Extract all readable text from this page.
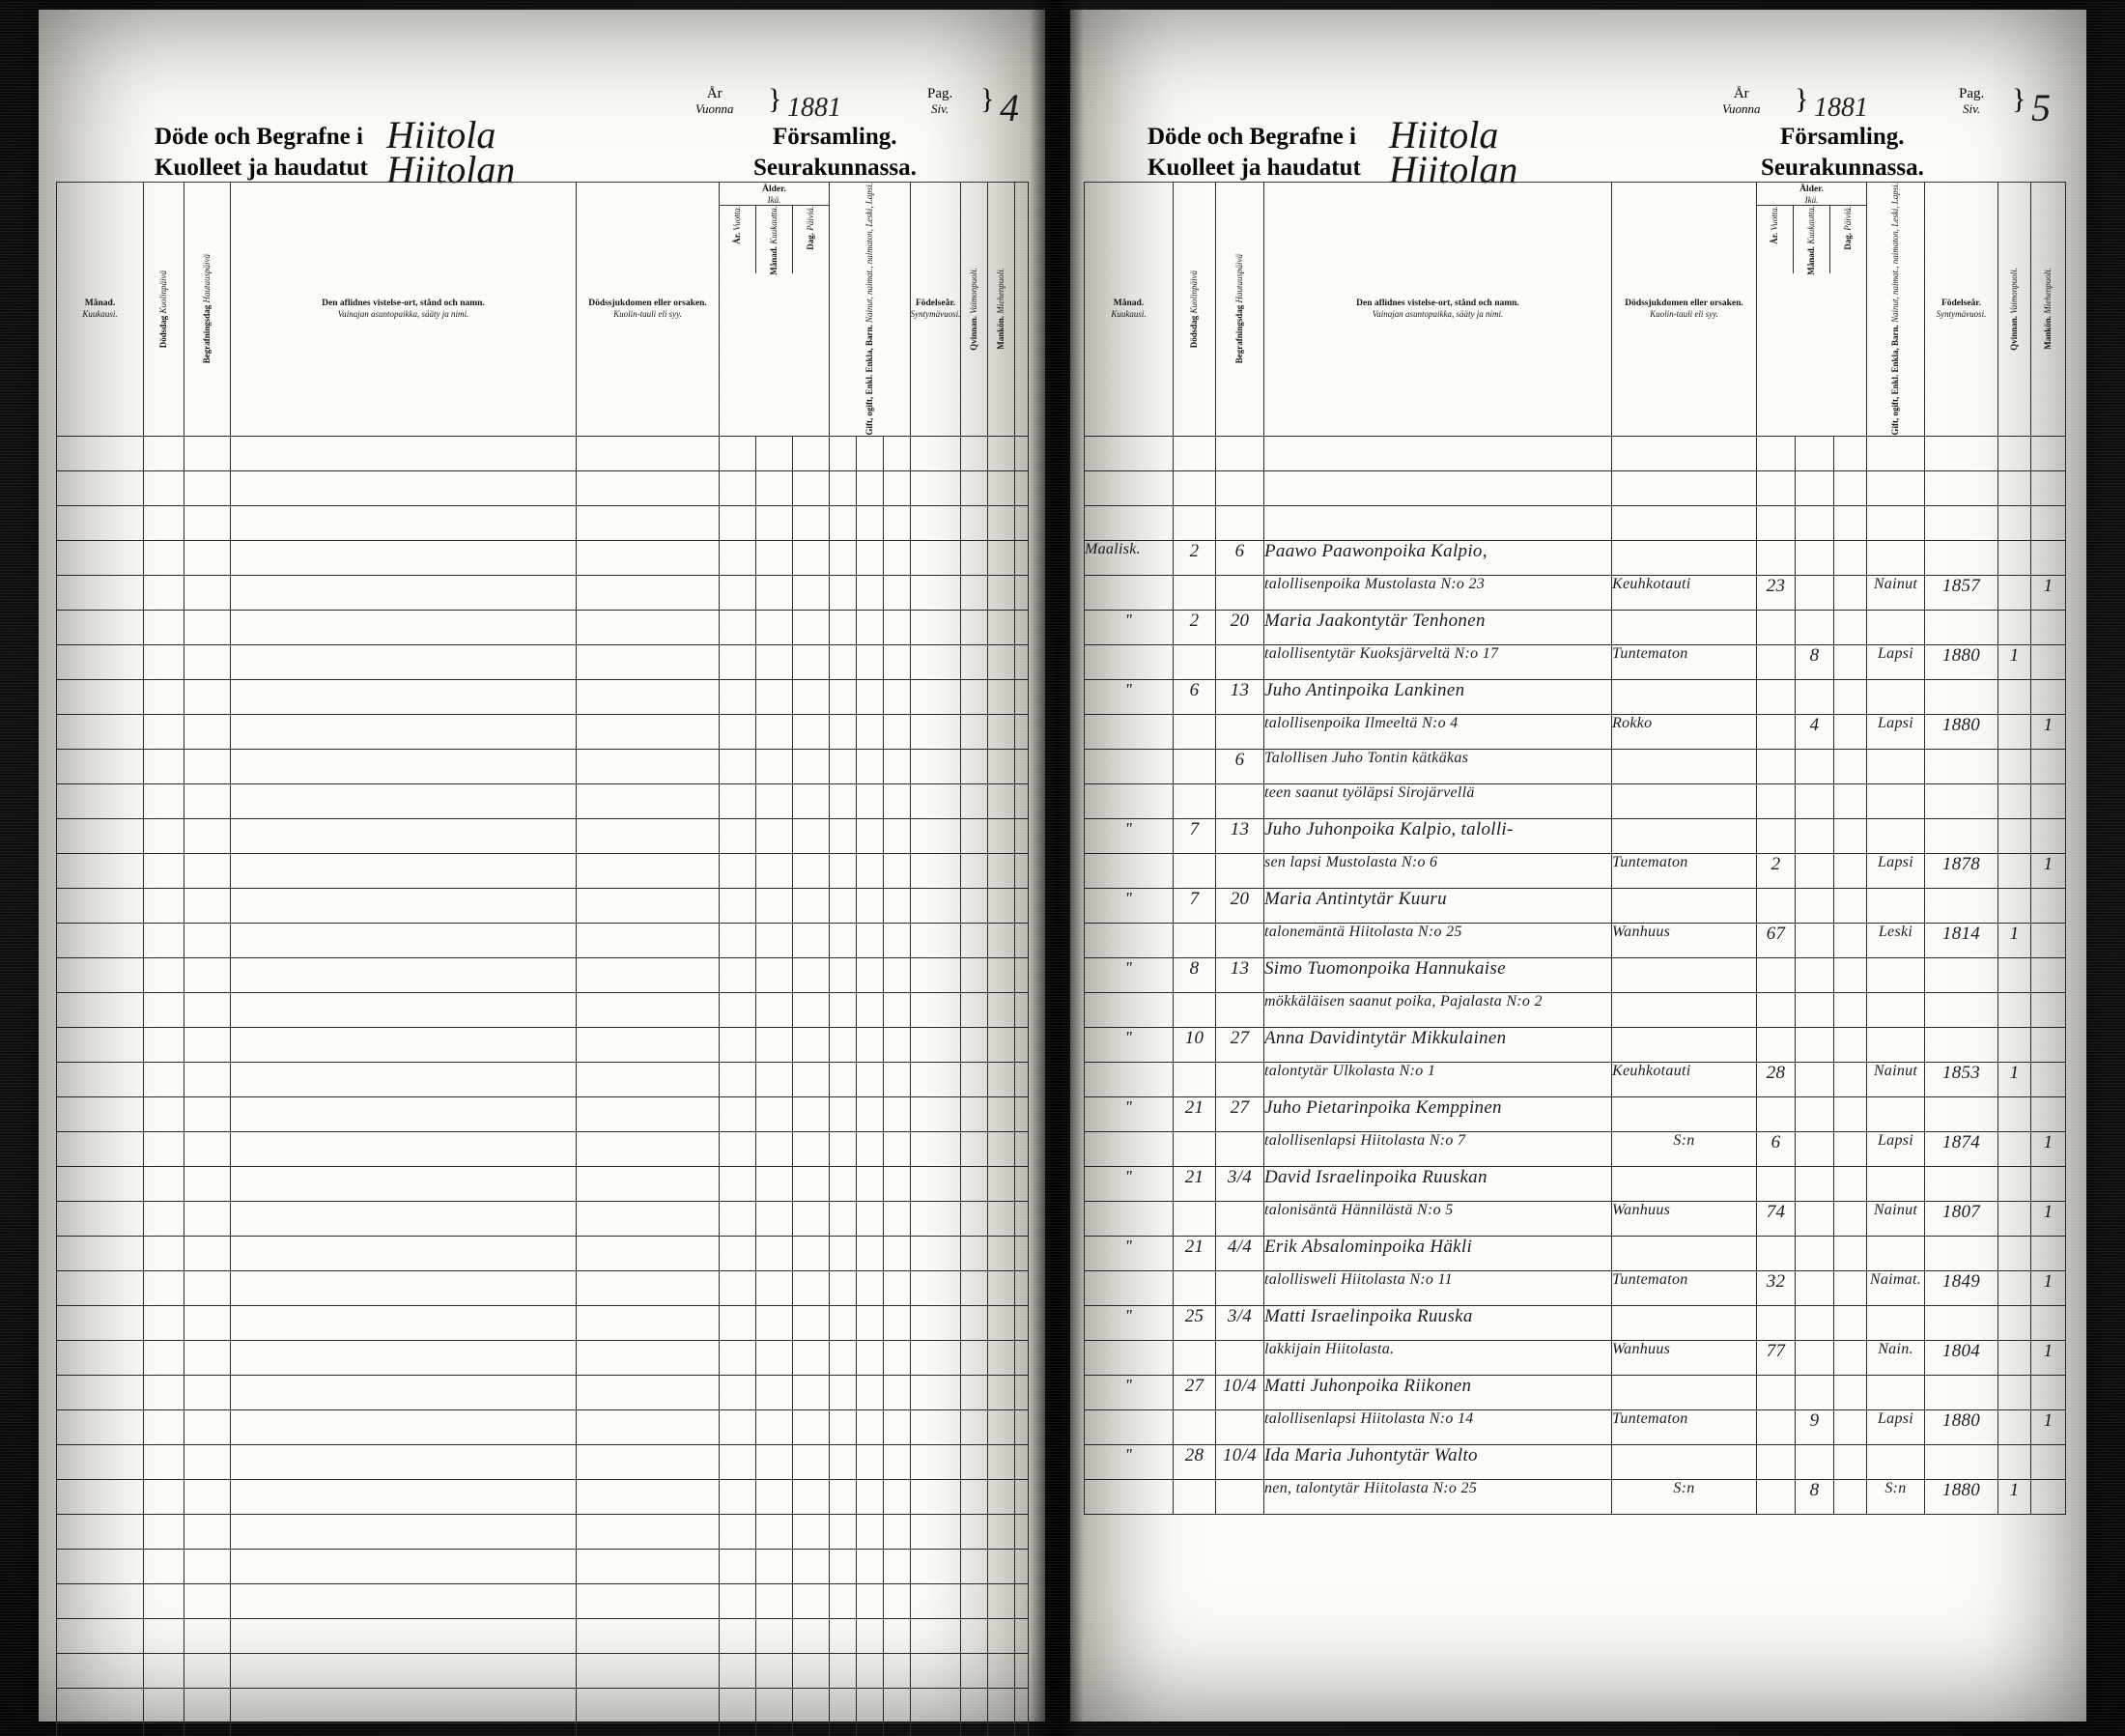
År
Vuonna } 1881	Pag.
Siv. } 4
Döde och Begrafne i	Församling.
Kuolleet ja haudatut	Seurakunnassa.
Hiitola
Hiitolan
Månad.
Kuukausi.

Dödsdag Kuolinpäivä

Begrafningsdag Hautauspäivä

Den aflidnes vistelse-ort, stånd och namn.
Vainajan asuntopaikka, sääty ja nimi.

Dödssjukdomen eller orsaken.
Kuolin-tauli eli syy.

Ålder.
Ikä.
År. Vuotta.
Månad. Kuukautta.	Dag. Päiviä.

Gift, ogift, Enkl. Enkla, Barn. Nainut, naimat., naimaton, Leski, Lapsi.	Födelseår.
Syntymävuosi.

Qvinnan. Vaimonpuoli.

Mankön. Miehenpuoli.

År
Vuonna } 1881	Pag.
Siv. } 5
Döde och Begrafne i	Församling.
Kuolleet ja haudatut	Seurakunnassa.
Hiitola
Hiitolan
Månad.
Kuukausi.

Dödsdag Kuolinpäivä

Begrafningsdag Hautauspäivä

Den aflidnes vistelse-ort, stånd och namn.
Vainajan asuntopaikka, sääty ja nimi.

Dödssjukdomen eller orsaken.
Kuolin-tauli eli syy.

Ålder.
Ikä.
År. Vuotta.
Månad. Kuukautta.	Dag. Päiviä.

Gift, ogift, Enkl. Enkla, Barn. Nainut, naimat., naimaton, Leski, Lapsi.	Födelseår.
Syntymävuosi.

Qvinnan. Vaimonpuoli.

Mankön. Miehenpuoli.

Maalisk.	2	6	Paawo Paawonpoika Kalpio,								
			talollisenpoika Mustolasta N:o 23	Keuhkotauti	23			Nainut	1857		1
"	2	20	Maria Jaakontytär Tenhonen								
			talollisentytär Kuoksjärveltä N:o 17	Tuntematon		8		Lapsi	1880	1	
"	6	13	Juho Antinpoika Lankinen								
			talollisenpoika Ilmeeltä N:o 4	Rokko		4		Lapsi	1880		1
		6	Talollisen Juho Tontin kätkäkas								
			teen saanut työläpsi Sirojärvellä								
"	7	13	Juho Juhonpoika Kalpio, talolli-								
			sen lapsi Mustolasta N:o 6	Tuntematon	2			Lapsi	1878		1
"	7	20	Maria Antintytär Kuuru								
			talonemäntä Hiitolasta N:o 25	Wanhuus	67			Leski	1814	1	
"	8	13	Simo Tuomonpoika Hannukaise								
			mökkäläisen saanut poika, Pajalasta N:o 2								
"	10	27	Anna Davidintytär Mikkulainen								
			talontytär Ulkolasta N:o 1	Keuhkotauti	28			Nainut	1853	1	
"	21	27	Juho Pietarinpoika Kemppinen								
			talollisenlapsi Hiitolasta N:o 7	S:n	6			Lapsi	1874		1
"	21	3/4	David Israelinpoika Ruuskan								
			talonisäntä Hännilästä N:o 5	Wanhuus	74			Nainut	1807		1
"	21	4/4	Erik Absalominpoika Häkli								
			talollisweli Hiitolasta N:o 11	Tuntematon	32			Naimat.	1849		1
"	25	3/4	Matti Israelinpoika Ruuska								
			lakkijain Hiitolasta.	Wanhuus	77			Nain.	1804		1
"	27	10/4	Matti Juhonpoika Riikonen								
			talollisenlapsi Hiitolasta N:o 14	Tuntematon		9		Lapsi	1880		1
"	28	10/4	Ida Maria Juhontytär Walto								
			nen, talontytär Hiitolasta N:o 25	S:n		8		S:n	1880	1	
